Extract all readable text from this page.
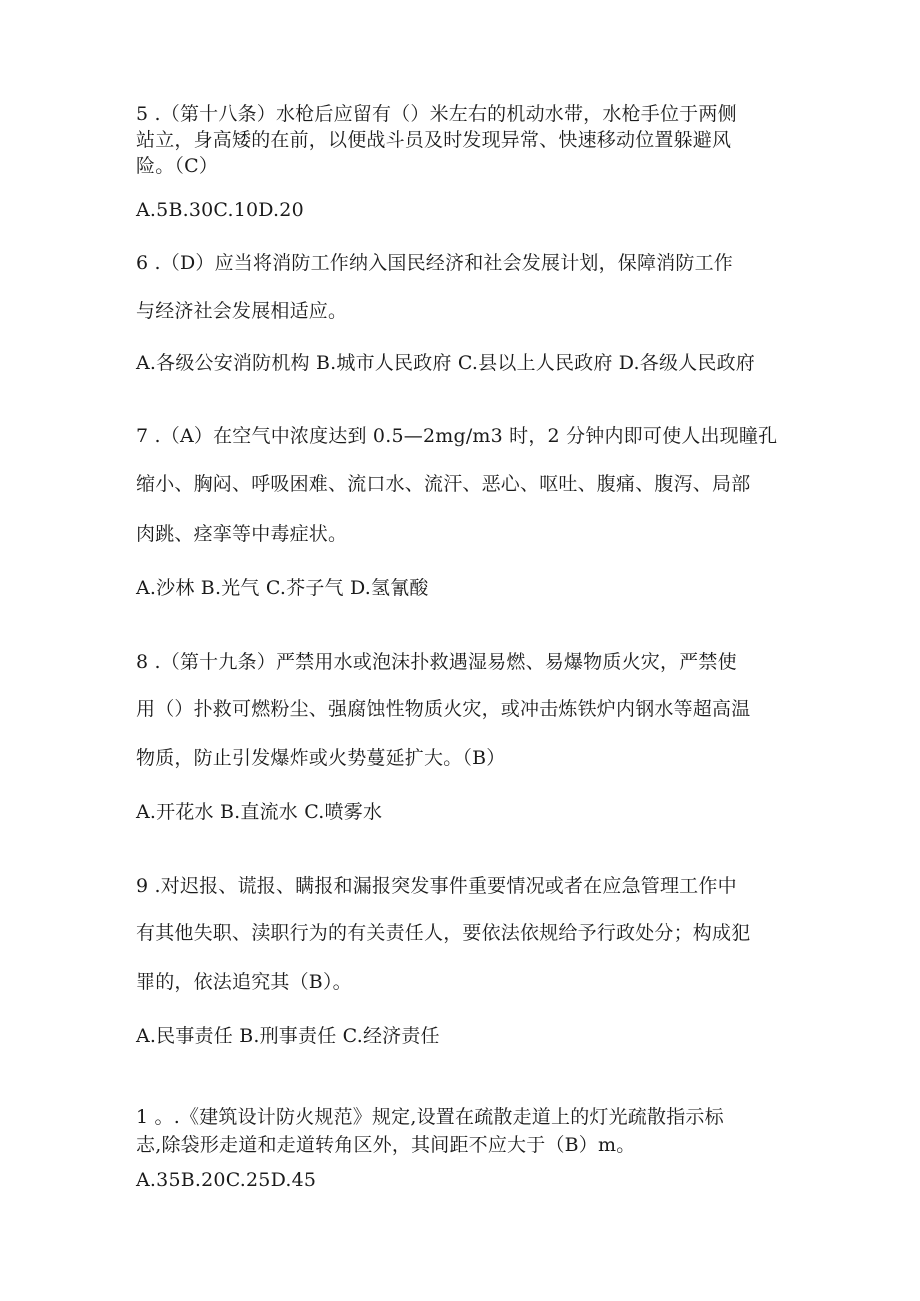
5 .（第十八条）水枪后应留有（）米左右的机动水带，水枪手位于两侧
站立，身高矮的在前，以便战斗员及时发现异常、快速移动位置躲避风
险。（C）
A.5B.30C.10D.20
6 .（D）应当将消防工作纳入国民经济和社会发展计划，保障消防工作
与经济社会发展相适应。
A.各级公安消防机构 B.城市人民政府 C.县以上人民政府 D.各级人民政府
7 .（A）在空气中浓度达到 0.5—2mg/m3 时，2 分钟内即可使人出现瞳孔
缩小、胸闷、呼吸困难、流口水、流汗、恶心、呕吐、腹痛、腹泻、局部
肉跳、痉挛等中毒症状。
A.沙林 B.光气 C.芥子气 D.氢氰酸
8 .（第十九条）严禁用水或泡沫扑救遇湿易燃、易爆物质火灾，严禁使
用（）扑救可燃粉尘、强腐蚀性物质火灾，或冲击炼铁炉内钢水等超高温
物质，防止引发爆炸或火势蔓延扩大。（B）
A.开花水 B.直流水 C.喷雾水
9 .对迟报、谎报、瞒报和漏报突发事件重要情况或者在应急管理工作中
有其他失职、渎职行为的有关责任人，要依法依规给予行政处分；构成犯
罪的，依法追究其（B）。
A.民事责任 B.刑事责任 C.经济责任
1 。.《建筑设计防火规范》规定,设置在疏散走道上的灯光疏散指示标
志,除袋形走道和走道转角区外，其间距不应大于（B）m。
A.35B.20C.25D.45
